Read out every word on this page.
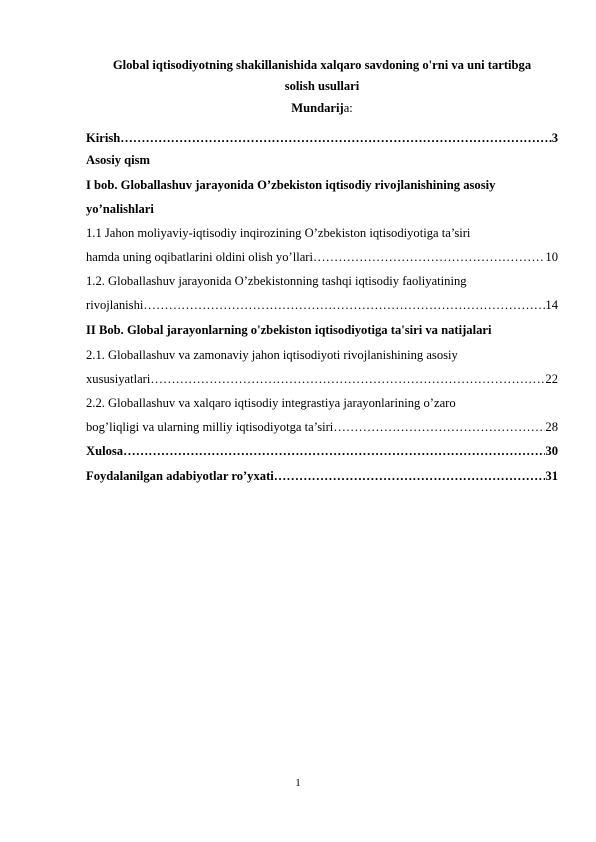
Global iqtisodiyotning shakillanishida xalqaro savdoning o'rni va uni tartibga
solish usullari
Mundarija:
Kirish ……………………………………………………………………………………………………………………………………………………………………………………………………………………	3
Asosiy qism
I bob. Globallashuv jarayonida O’zbekiston iqtisodiy rivojlanishining asosiy
yo’nalishlari
1.1 Jahon moliyaviy-iqtisodiy inqirozining O’zbekiston iqtisodiyotiga ta’siri
hamda uning oqibatlarini oldini olish yo’llari ……………………………………………………………………………………………………………………………………………………………………………………………………………………	10
1.2. Globallashuv jarayonida O’zbekistonning tashqi iqtisodiy faoliyatining
rivojlanishi ……………………………………………………………………………………………………………………………………………………………………………………………………………………	14
II Bob. Global jarayonlarning o'zbekiston iqtisodiyotiga ta'siri va natijalari
2.1. Globallashuv va zamonaviy jahon iqtisodiyoti rivojlanishining asosiy
xususiyatlari ……………………………………………………………………………………………………………………………………………………………………………………………………………………	22
2.2. Globallashuv va xalqaro iqtisodiy integrastiya jarayonlarining o’zaro
bog’liqligi va ularning milliy iqtisodiyotga ta’siri ……………………………………………………………………………………………………………………………………………………………………………………………………………………	28
Xulosa ……………………………………………………………………………………………………………………………………………………………………………………………………………………	30
Foydalanilgan adabiyotlar ro’yxati ……………………………………………………………………………………………………………………………………………………………………………………………………………………	31
1
